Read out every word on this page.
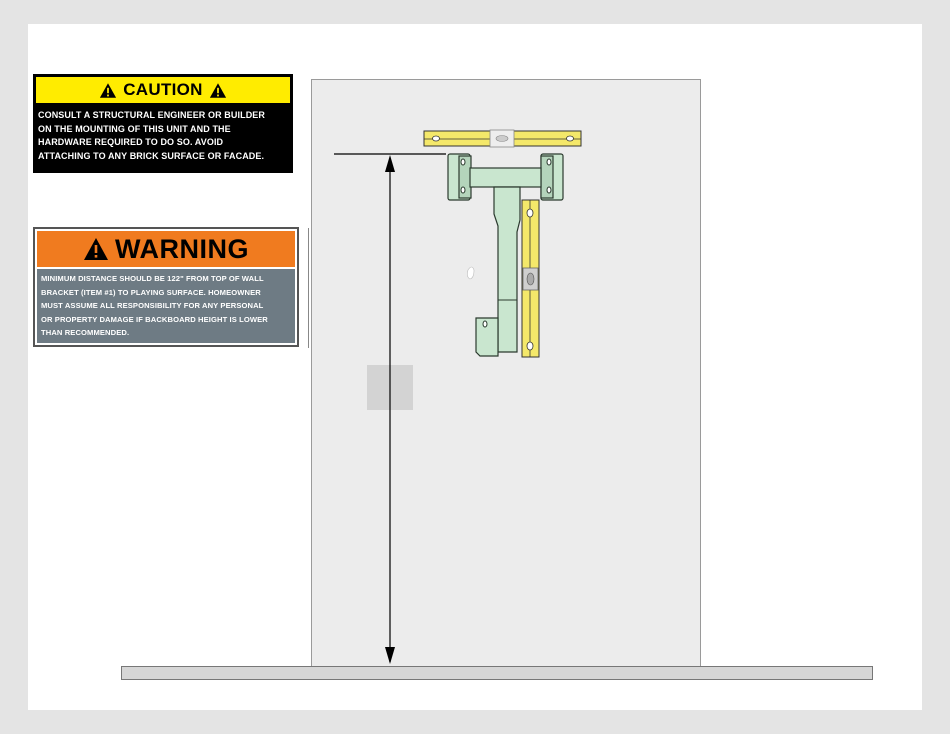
CAUTION
CONSULT A STRUCTURAL ENGINEER OR BUILDER
ON THE MOUNTING OF THIS UNIT AND THE
HARDWARE REQUIRED TO DO SO. AVOID
ATTACHING TO ANY BRICK SURFACE OR FACADE.
WARNING
MINIMUM DISTANCE SHOULD BE 122" FROM TOP OF WALL
BRACKET (ITEM #1) TO PLAYING SURFACE. HOMEOWNER
MUST ASSUME ALL RESPONSIBILITY FOR ANY PERSONAL
OR PROPERTY DAMAGE IF BACKBOARD HEIGHT IS LOWER
THAN RECOMMENDED.
